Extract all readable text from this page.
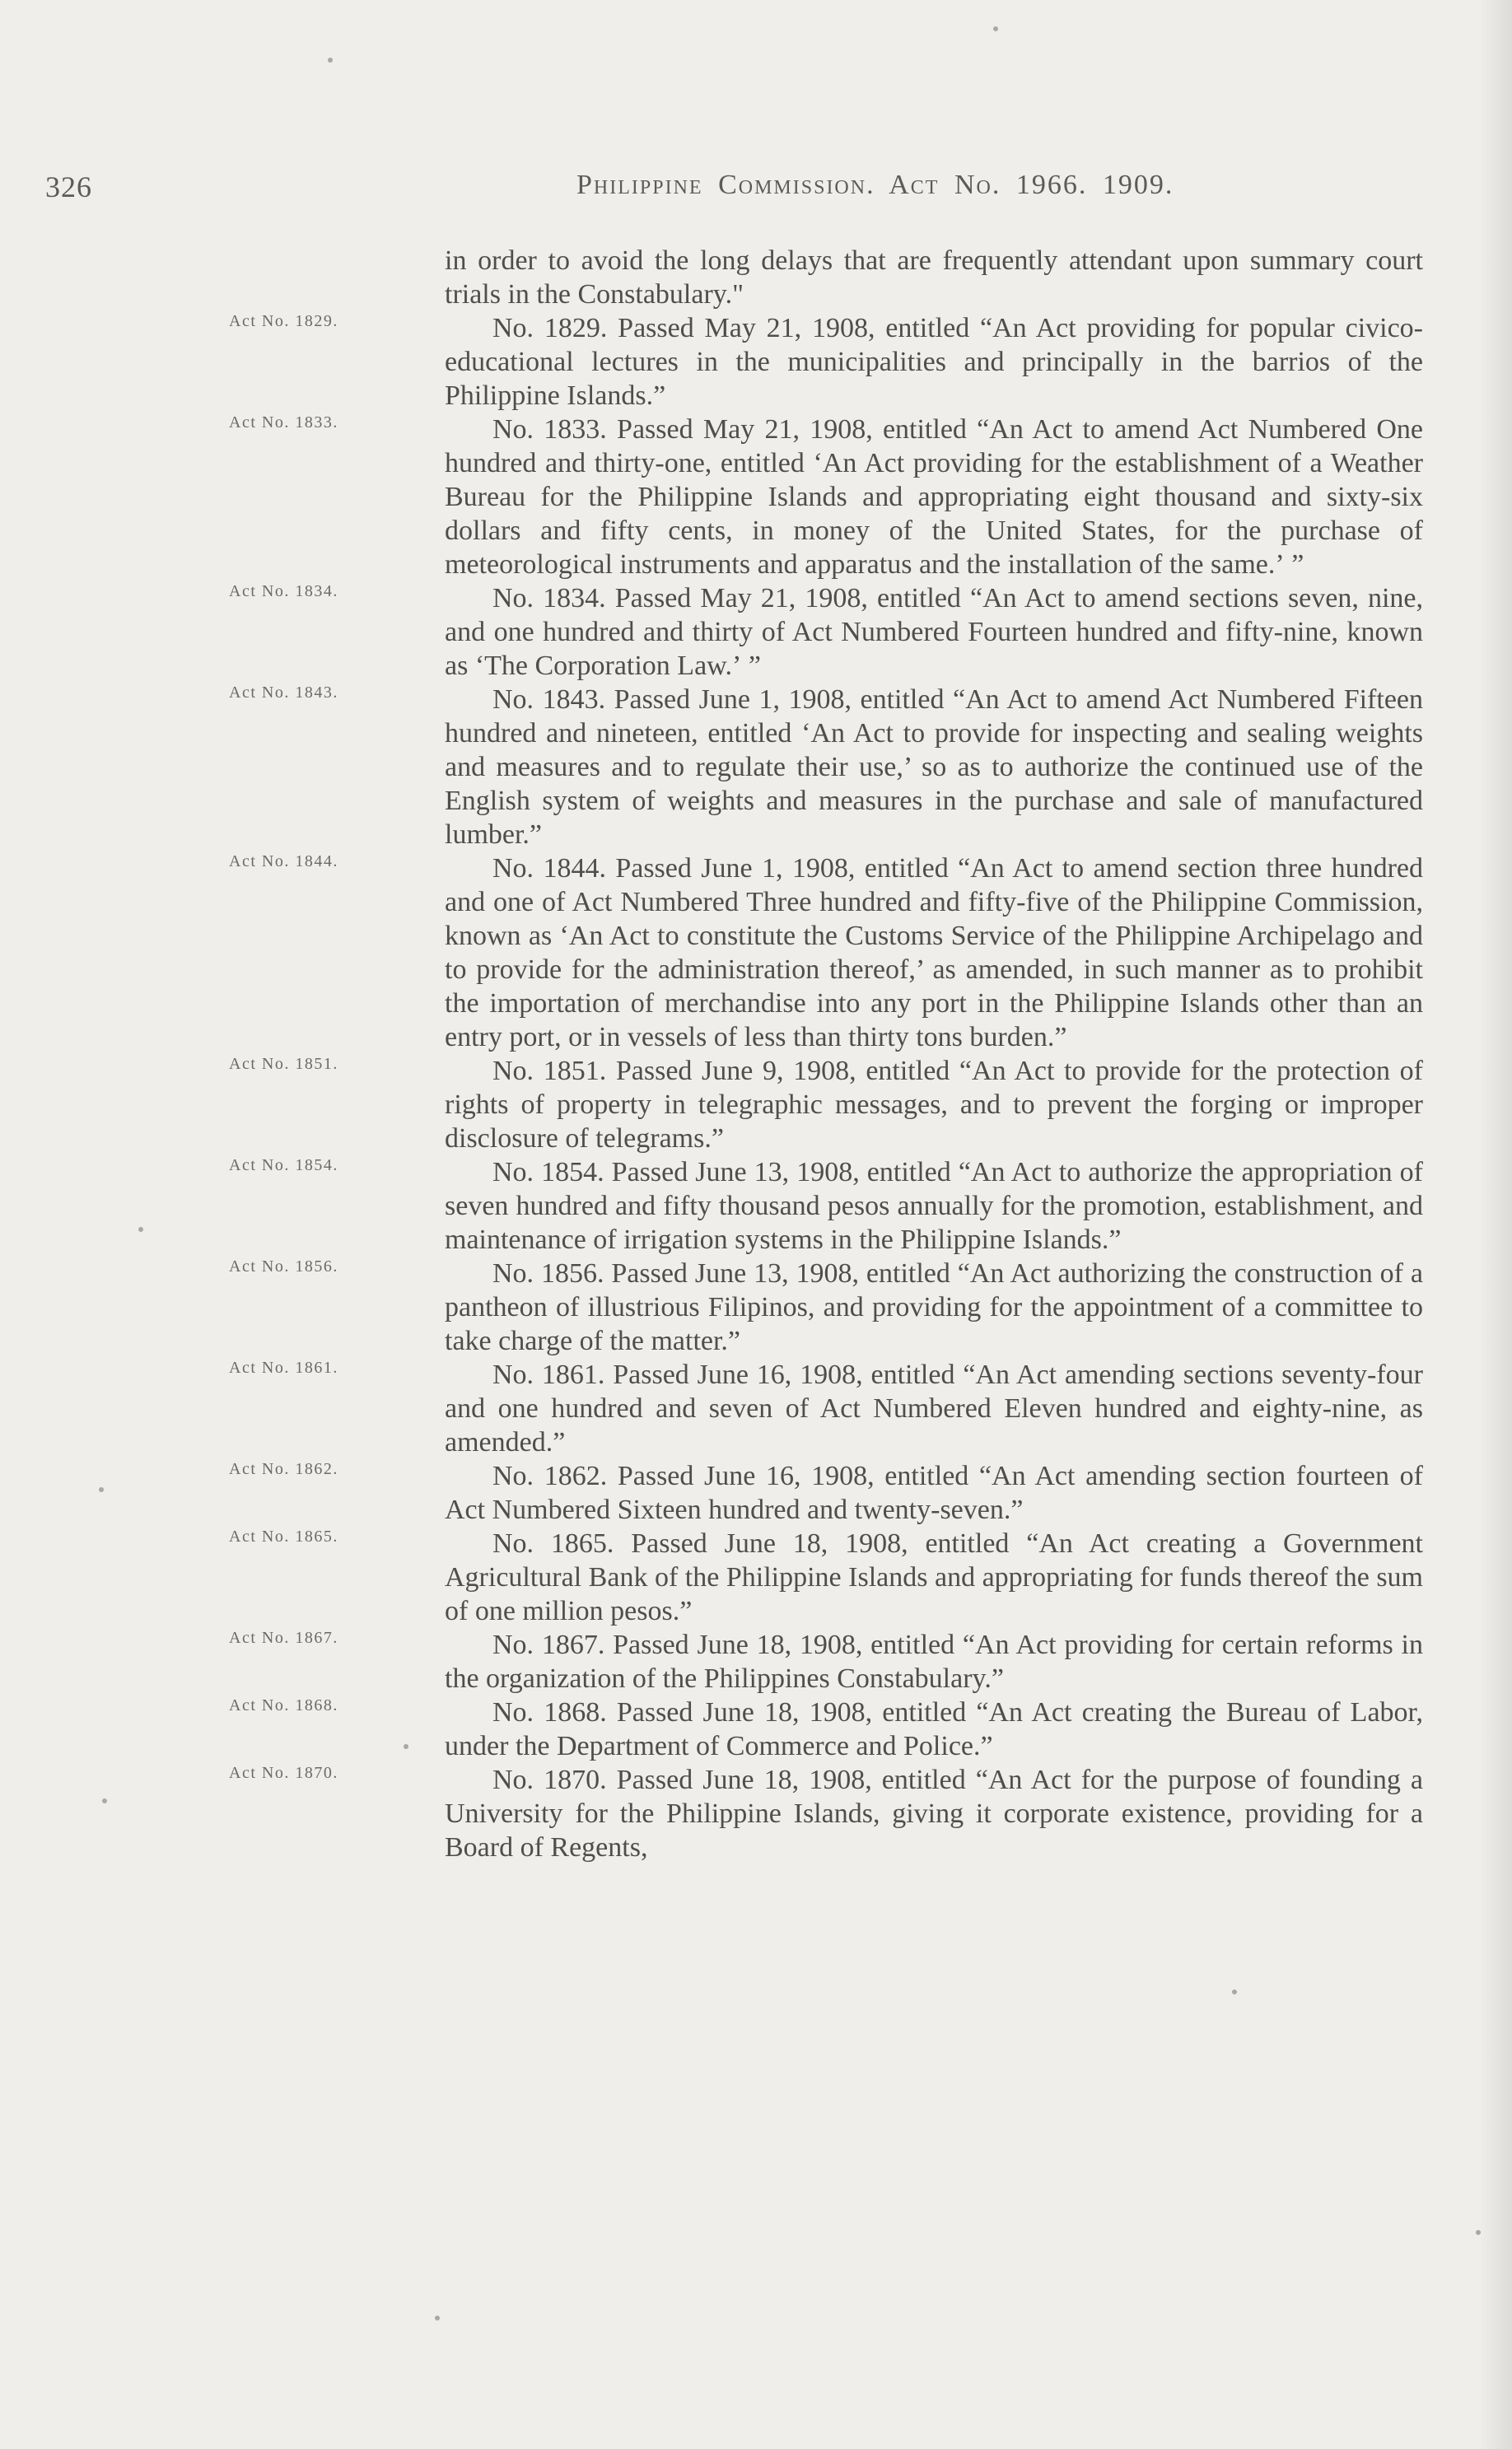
326	Philippine Commission. Act No. 1966. 1909.

in order to avoid the long delays that are frequently attendant upon summary court trials in the Constabulary."

Act No. 1829.	No. 1829. Passed May 21, 1908, entitled “An Act providing for popular civico-educational lectures in the municipalities and principally in the barrios of the Philippine Islands.”

Act No. 1833.	No. 1833. Passed May 21, 1908, entitled “An Act to amend Act Numbered One hundred and thirty-one, entitled ‘An Act providing for the establishment of a Weather Bureau for the Philippine Islands and appropriating eight thousand and sixty-six dollars and fifty cents, in money of the United States, for the purchase of meteorological instruments and apparatus and the installation of the same.’ ”

Act No. 1834.	No. 1834. Passed May 21, 1908, entitled “An Act to amend sections seven, nine, and one hundred and thirty of Act Numbered Fourteen hundred and fifty-nine, known as ‘The Corporation Law.’ ”

Act No. 1843.	No. 1843. Passed June 1, 1908, entitled “An Act to amend Act Numbered Fifteen hundred and nineteen, entitled ‘An Act to provide for inspecting and sealing weights and measures and to regulate their use,’ so as to authorize the continued use of the English system of weights and measures in the purchase and sale of manufactured lumber.”

Act No. 1844.	No. 1844. Passed June 1, 1908, entitled “An Act to amend section three hundred and one of Act Numbered Three hundred and fifty-five of the Philippine Commission, known as ‘An Act to constitute the Customs Service of the Philippine Archipelago and to provide for the administration thereof,’ as amended, in such manner as to prohibit the importation of merchandise into any port in the Philippine Islands other than an entry port, or in vessels of less than thirty tons burden.”

Act No. 1851.	No. 1851. Passed June 9, 1908, entitled “An Act to provide for the protection of rights of property in telegraphic messages, and to prevent the forging or improper disclosure of telegrams.”

Act No. 1854.	No. 1854. Passed June 13, 1908, entitled “An Act to authorize the appropriation of seven hundred and fifty thousand pesos annually for the promotion, establishment, and maintenance of irrigation systems in the Philippine Islands.”

Act No. 1856.	No. 1856. Passed June 13, 1908, entitled “An Act authorizing the construction of a pantheon of illustrious Filipinos, and providing for the appointment of a committee to take charge of the matter.”

Act No. 1861.	No. 1861. Passed June 16, 1908, entitled “An Act amending sections seventy-four and one hundred and seven of Act Numbered Eleven hundred and eighty-nine, as amended.”

Act No. 1862.	No. 1862. Passed June 16, 1908, entitled “An Act amending section fourteen of Act Numbered Sixteen hundred and twenty-seven.”

Act No. 1865.	No. 1865. Passed June 18, 1908, entitled “An Act creating a Government Agricultural Bank of the Philippine Islands and appropriating for funds thereof the sum of one million pesos.”

Act No. 1867.	No. 1867. Passed June 18, 1908, entitled “An Act providing for certain reforms in the organization of the Philippines Constabulary.”

Act No. 1868.	No. 1868. Passed June 18, 1908, entitled “An Act creating the Bureau of Labor, under the Department of Commerce and Police.”

Act No. 1870.	No. 1870. Passed June 18, 1908, entitled “An Act for the purpose of founding a University for the Philippine Islands, giving it corporate existence, providing for a Board of Regents,
